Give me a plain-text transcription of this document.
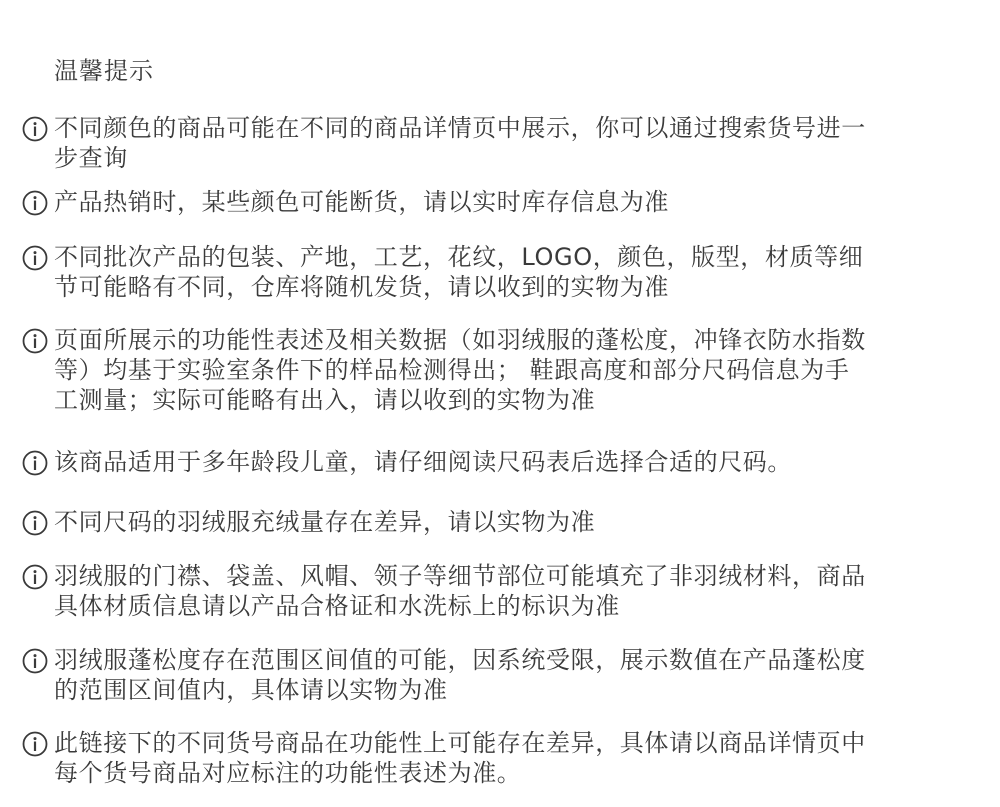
温馨提示
不同颜色的商品可能在不同的商品详情页中展示，你可以通过搜索货号进一
步查询
产品热销时，某些颜色可能断货，请以实时库存信息为准
不同批次产品的包装、产地，工艺，花纹，LOGO，颜色，版型，材质等细
节可能略有不同，仓库将随机发货，请以收到的实物为准
页面所展示的功能性表述及相关数据（如羽绒服的蓬松度，冲锋衣防水指数
等）均基于实验室条件下的样品检测得出； 鞋跟高度和部分尺码信息为手
工测量；实际可能略有出入，请以收到的实物为准
该商品适用于多年龄段儿童，请仔细阅读尺码表后选择合适的尺码。
不同尺码的羽绒服充绒量存在差异，请以实物为准
羽绒服的门襟、袋盖、风帽、领子等细节部位可能填充了非羽绒材料，商品
具体材质信息请以产品合格证和水洗标上的标识为准
羽绒服蓬松度存在范围区间值的可能，因系统受限，展示数值在产品蓬松度
的范围区间值内，具体请以实物为准
此链接下的不同货号商品在功能性上可能存在差异，具体请以商品详情页中
每个货号商品对应标注的功能性表述为准。
